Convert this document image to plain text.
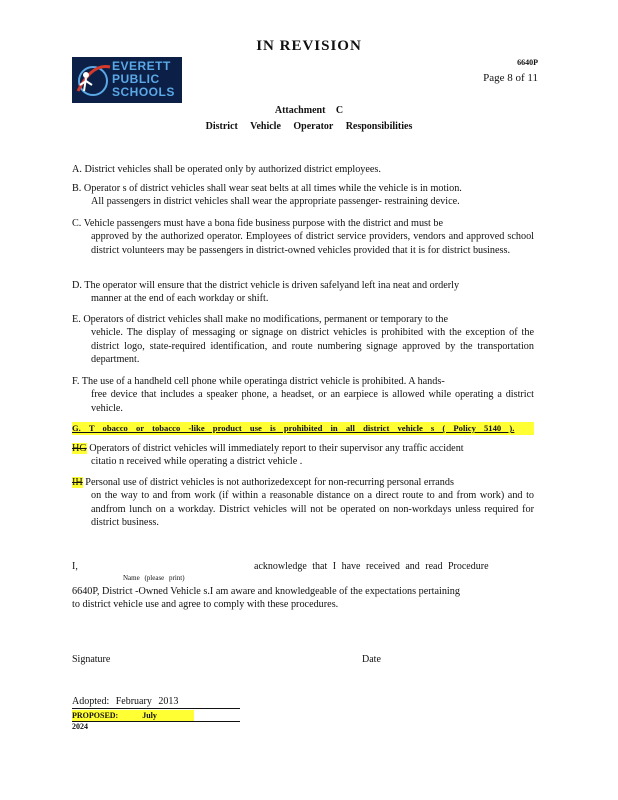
IN REVISION
EVERETT
PUBLIC
SCHOOLS
6640P
Page 8 of 11
Attachment C
District Vehicle Operator Responsibilities
A. District vehicles shall be operated only by authorized district employees.
B. Operator s of district vehicles shall wear seat belts at all times while the vehicle is in motion.
All passengers in district vehicles shall wear the appropriate passenger- restraining device.
C. Vehicle passengers must have a bona fide business purpose with the district and must be
approved by the authorized operator. Employees of district service providers, vendors and approved school district volunteers may be passengers in district-owned vehicles provided that it is for district business.
D. The operator will ensure that the district vehicle is driven safelyand left ina neat and orderly
manner at the end of each workday or shift.
E. Operators of district vehicles shall make no modifications, permanent or temporary to the
vehicle. The display of messaging or signage on district vehicles is prohibited with the exception of the district logo, state-required identification, and route numbering signage approved by the transportation department.
F. The use of a handheld cell phone while operatinga district vehicle is prohibited. A hands-
free device that includes a speaker phone, a headset, or an earpiece is allowed while operating a district vehicle.
G. T obacco or tobacco -like product use is prohibited in all district vehicle s ( Policy 5140 ).
HG Operators of district vehicles will immediately report to their supervisor any traffic accident
citatio n received while operating a district vehicle .
IH Personal use of district vehicles is not authorizedexcept for non-recurring personal errands
on the way to and from work (if within a reasonable distance on a direct route to and from work) and to andfrom lunch on a workday. District vehicles will not be operated on non-workdays unless required for district business.
I,	acknowledge that I have received and read Procedure
Name (please print)
6640P, District -Owned Vehicle s.I am aware and knowledgeable of the expectations pertaining
to district vehicle use and agree to comply with these procedures.
Signature	Date
Adopted: February 2013
PROPOSED: July 2024
